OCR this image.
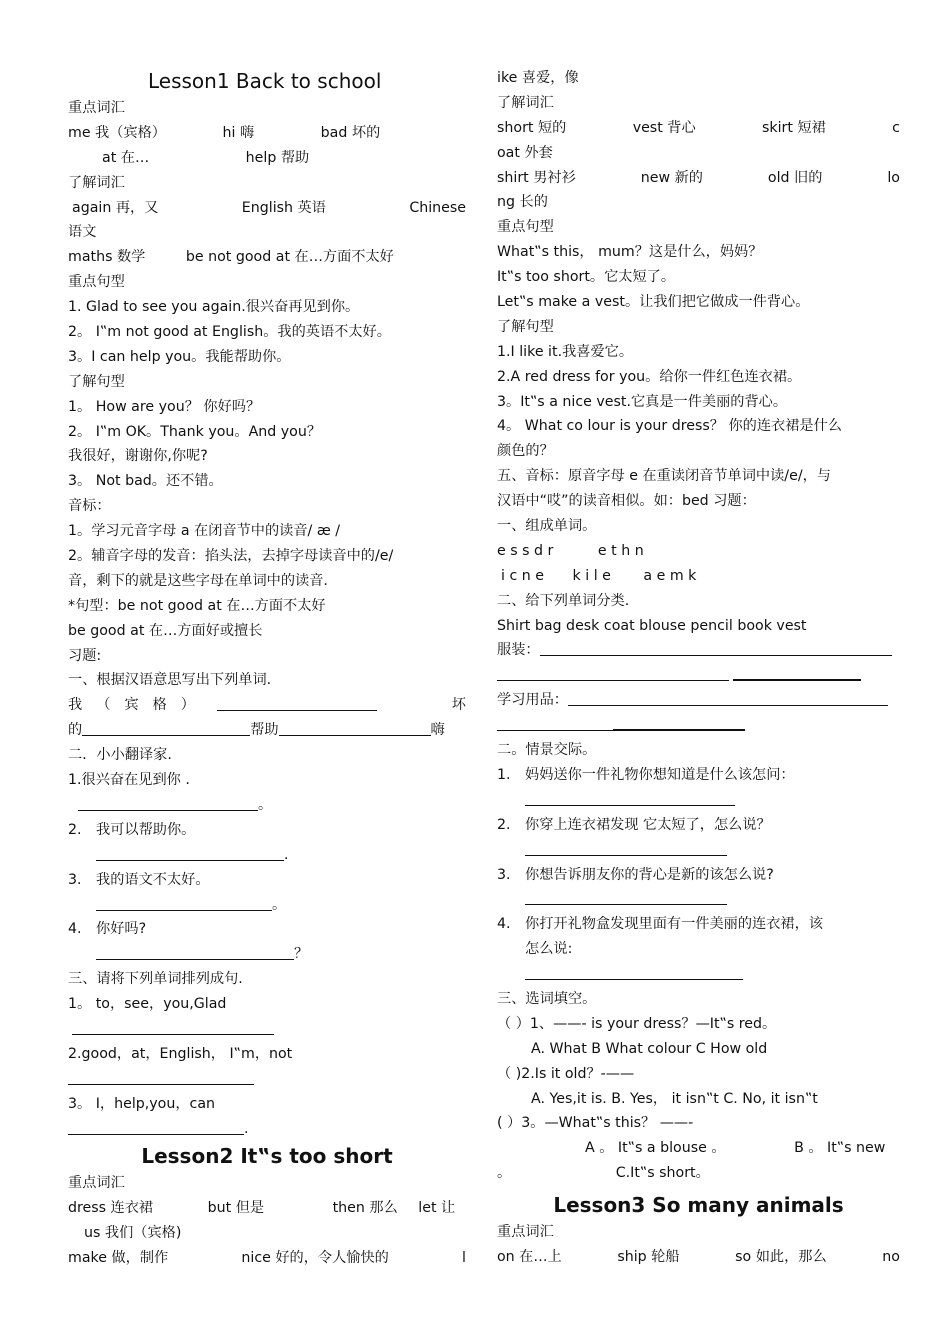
Lesson1 Back to school
重点词汇
me 我（宾格）	hi 嗨	bad 坏的
at 在…	help 帮助
了解词汇
again 再，又	English 英语	Chinese
语文
maths 数学	be not good at 在…方面不太好
重点句型
1. Glad to see you again.很兴奋再见到你。
2。 I‟m not good at English。我的英语不太好。
3。I can help you。我能帮助你。
了解句型
1。 How are you？ 你好吗？
2。 I‟m OK。Thank you。And you？
我很好，谢谢你,你呢?
3。 Not bad。还不错。
音标：
1。学习元音字母 a 在闭音节中的读音/ æ /
2。辅音字母的发音：掐头法，去掉字母读音中的/e/
音，剩下的就是这些字母在单词中的读音.
*句型：be not good at 在…方面不太好
be good at 在…方面好或擅长
习题:
一、根据汉语意思写出下列单词.
我（宾格）	坏
的	帮助	嗨
二．小小翻译家.
1.很兴奋在见到你 .
。
2. 我可以帮助你。
.
3. 我的语文不太好。
。
4. 你好吗?
？
三、请将下列单词排列成句.
1。 to，see，you,Glad
2.good，at，English， I‟m，not
3。 I，help,you，can
.
Lesson2 It‟s too short
重点词汇
dress 连衣裙	but 但是	then 那么 let 让
us 我们（宾格)
make 做，制作	nice 好的，令人愉快的	l
ike 喜爱，像
了解词汇
short 短的	vest 背心	skirt 短裙	c
oat 外套
shirt 男衬衫	new 新的	old 旧的	lo
ng 长的
重点句型
What‟s this， mum？这是什么，妈妈？
It‟s too short。它太短了。
Let‟s make a vest。让我们把它做成一件背心。
了解句型
1.I like it.我喜爱它。
2.A red dress for you。给你一件红色连衣裙。
3。It‟s a nice vest.它真是一件美丽的背心。
4。 What co lour is your dress？ 你的连衣裙是什么
颜色的？
五、音标：原音字母 e 在重读闭音节单词中读/e/，与
汉语中“哎”的读音相似。如：bed 习题：
一、组成单词。
e s s d r	e t h n
i c n e k i l e a e m k
二、给下列单词分类.
Shirt bag desk coat blouse pencil book vest
服装：
学习用品：
二。情景交际。
1. 妈妈送你一件礼物你想知道是什么该怎问：
2. 你穿上连衣裙发现 它太短了，怎么说？
3. 你想告诉朋友你的背心是新的该怎么说?
4. 你打开礼物盒发现里面有一件美丽的连衣裙，该
怎么说:
三、选词填空。
（ ）1、——- is your dress？—It‟s red。
A. What B What colour C How old
（ )2.Is it old？-——
A. Yes,it is. B. Yes， it isn‟t C. No, it isn‟t
( ）3。—What‟s this？ ——-
A 。 It‟s a blouse 。	B 。 It‟s new
。	C.It‟s short。
Lesson3 So many animals
重点词汇
on 在…上	ship 轮船	so 如此，那么	no
